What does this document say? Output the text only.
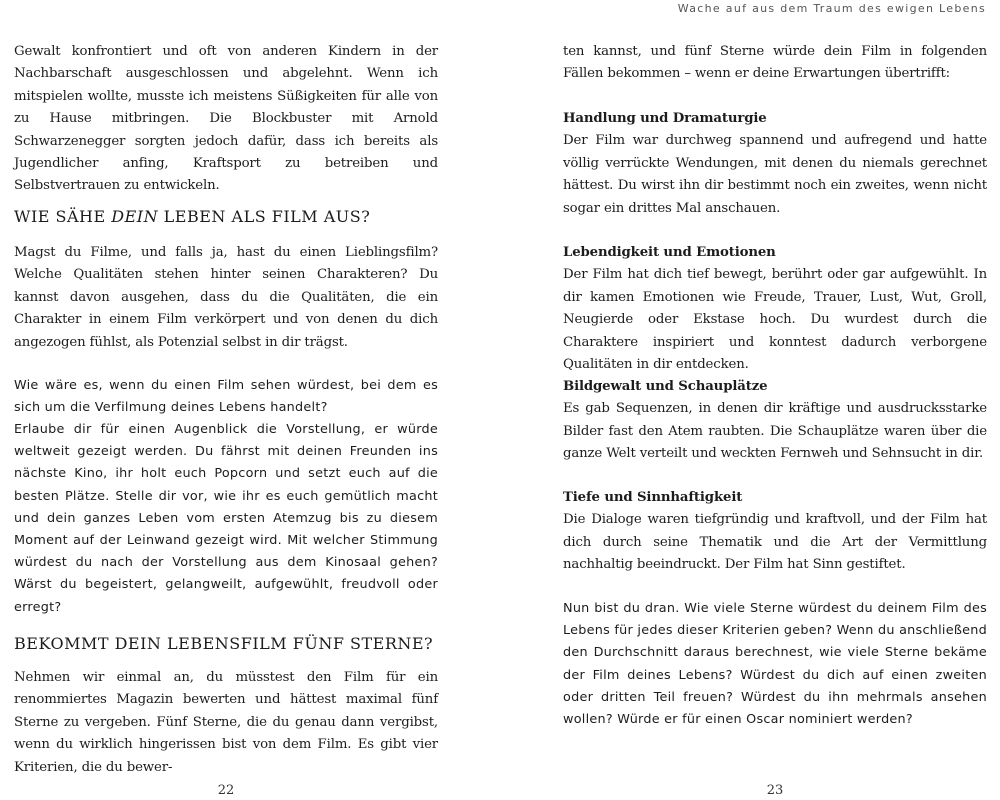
Wache auf aus dem Traum des ewigen Lebens

Gewalt konfrontiert und oft von anderen Kindern in der Nachbarschaft ausgeschlossen und abgelehnt. Wenn ich mitspielen wollte, musste ich meistens Süßigkeiten für alle von zu Hause mitbringen. Die Blockbuster mit Arnold Schwarzenegger sorgten jedoch dafür, dass ich bereits als Jugendlicher anfing, Kraftsport zu betreiben und Selbstvertrauen zu entwickeln.

WIE SÄHE DEIN LEBEN ALS FILM AUS?

Magst du Filme, und falls ja, hast du einen Lieblingsfilm? Welche Qualitäten stehen hinter seinen Charakteren? Du kannst davon ausgehen, dass du die Qualitäten, die ein Charakter in einem Film verkörpert und von denen du dich angezogen fühlst, als Potenzial selbst in dir trägst.

Wie wäre es, wenn du einen Film sehen würdest, bei dem es sich um die Verfilmung deines Lebens handelt?

Erlaube dir für einen Augenblick die Vorstellung, er würde weltweit gezeigt werden. Du fährst mit deinen Freunden ins nächste Kino, ihr holt euch Popcorn und setzt euch auf die besten Plätze. Stelle dir vor, wie ihr es euch gemütlich macht und dein ganzes Leben vom ersten Atemzug bis zu diesem Moment auf der Leinwand gezeigt wird. Mit welcher Stimmung würdest du nach der Vorstellung aus dem Kinosaal gehen? Wärst du begeistert, gelangweilt, aufgewühlt, freudvoll oder erregt?

BEKOMMT DEIN LEBENSFILM FÜNF STERNE?

Nehmen wir einmal an, du müsstest den Film für ein renommiertes Magazin bewerten und hättest maximal fünf Sterne zu vergeben. Fünf Sterne, die du genau dann vergibst, wenn du wirklich hingerissen bist von dem Film. Es gibt vier Kriterien, die du bewer-

22

ten kannst, und fünf Sterne würde dein Film in folgenden Fällen bekommen – wenn er deine Erwartungen übertrifft:

Handlung und Dramaturgie

Der Film war durchweg spannend und aufregend und hatte völlig verrückte Wendungen, mit denen du niemals gerechnet hättest. Du wirst ihn dir bestimmt noch ein zweites, wenn nicht sogar ein drittes Mal anschauen.

Lebendigkeit und Emotionen

Der Film hat dich tief bewegt, berührt oder gar aufgewühlt. In dir kamen Emotionen wie Freude, Trauer, Lust, Wut, Groll, Neugierde oder Ekstase hoch. Du wurdest durch die Charaktere inspiriert und konntest dadurch verborgene Qualitäten in dir entdecken.

Bildgewalt und Schauplätze

Es gab Sequenzen, in denen dir kräftige und ausdrucksstarke Bilder fast den Atem raubten. Die Schauplätze waren über die ganze Welt verteilt und weckten Fernweh und Sehnsucht in dir.

Tiefe und Sinnhaftigkeit

Die Dialoge waren tiefgründig und kraftvoll, und der Film hat dich durch seine Thematik und die Art der Vermittlung nachhaltig beeindruckt. Der Film hat Sinn gestiftet.

Nun bist du dran. Wie viele Sterne würdest du deinem Film des Lebens für jedes dieser Kriterien geben? Wenn du anschließend den Durchschnitt daraus berechnest, wie viele Sterne bekäme der Film deines Lebens? Würdest du dich auf einen zweiten oder dritten Teil freuen? Würdest du ihn mehrmals ansehen wollen? Würde er für einen Oscar nominiert werden?

23
